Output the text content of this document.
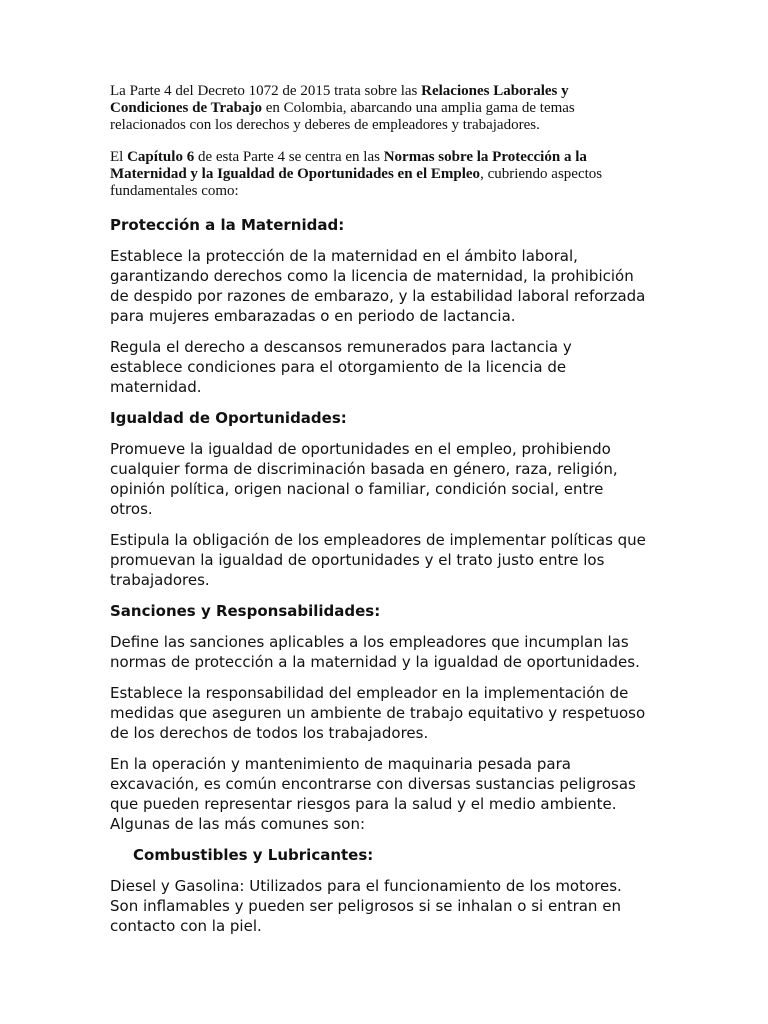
La Parte 4 del Decreto 1072 de 2015 trata sobre las Relaciones Laborales y Condiciones de Trabajo en Colombia, abarcando una amplia gama de temas relacionados con los derechos y deberes de empleadores y trabajadores.

El Capítulo 6 de esta Parte 4 se centra en las Normas sobre la Protección a la Maternidad y la Igualdad de Oportunidades en el Empleo, cubriendo aspectos fundamentales como:

Protección a la Maternidad:

Establece la protección de la maternidad en el ámbito laboral, garantizando derechos como la licencia de maternidad, la prohibición de despido por razones de embarazo, y la estabilidad laboral reforzada para mujeres embarazadas o en periodo de lactancia.

Regula el derecho a descansos remunerados para lactancia y establece condiciones para el otorgamiento de la licencia de maternidad.

Igualdad de Oportunidades:

Promueve la igualdad de oportunidades en el empleo, prohibiendo cualquier forma de discriminación basada en género, raza, religión, opinión política, origen nacional o familiar, condición social, entre otros.

Estipula la obligación de los empleadores de implementar políticas que promuevan la igualdad de oportunidades y el trato justo entre los trabajadores.

Sanciones y Responsabilidades:

Define las sanciones aplicables a los empleadores que incumplan las normas de protección a la maternidad y la igualdad de oportunidades.

Establece la responsabilidad del empleador en la implementación de medidas que aseguren un ambiente de trabajo equitativo y respetuoso de los derechos de todos los trabajadores.

En la operación y mantenimiento de maquinaria pesada para excavación, es común encontrarse con diversas sustancias peligrosas que pueden representar riesgos para la salud y el medio ambiente. Algunas de las más comunes son:

Combustibles y Lubricantes:

Diesel y Gasolina: Utilizados para el funcionamiento de los motores. Son inflamables y pueden ser peligrosos si se inhalan o si entran en contacto con la piel.
